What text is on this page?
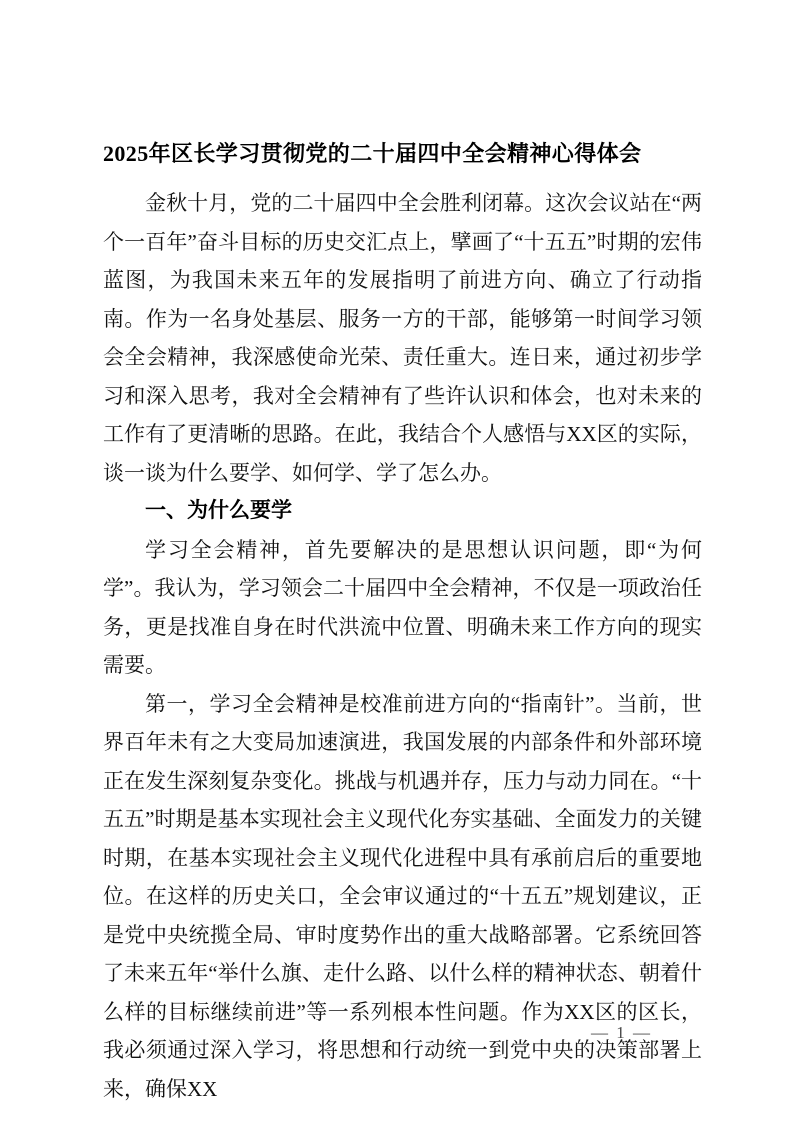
2025年区长学习贯彻党的二十届四中全会精神心得体会

金秋十月，党的二十届四中全会胜利闭幕。这次会议站在“两个一百年”奋斗目标的历史交汇点上，擘画了“十五五”时期的宏伟蓝图，为我国未来五年的发展指明了前进方向、确立了行动指南。作为一名身处基层、服务一方的干部，能够第一时间学习领会全会精神，我深感使命光荣、责任重大。连日来，通过初步学习和深入思考，我对全会精神有了些许认识和体会，也对未来的工作有了更清晰的思路。在此，我结合个人感悟与XX区的实际，谈一谈为什么要学、如何学、学了怎么办。

一、为什么要学

学习全会精神，首先要解决的是思想认识问题，即“为何学”。我认为，学习领会二十届四中全会精神，不仅是一项政治任务，更是找准自身在时代洪流中位置、明确未来工作方向的现实需要。

第一，学习全会精神是校准前进方向的“指南针”。当前，世界百年未有之大变局加速演进，我国发展的内部条件和外部环境正在发生深刻复杂变化。挑战与机遇并存，压力与动力同在。“十五五”时期是基本实现社会主义现代化夯实基础、全面发力的关键时期，在基本实现社会主义现代化进程中具有承前启后的重要地位。在这样的历史关口，全会审议通过的“十五五”规划建议，正是党中央统揽全局、审时度势作出的重大战略部署。它系统回答了未来五年“举什么旗、走什么路、以什么样的精神状态、朝着什么样的目标继续前进”等一系列根本性问题。作为XX区的区长，我必须通过深入学习，将思想和行动统一到党中央的决策部署上来，确保XX

— 1 —
